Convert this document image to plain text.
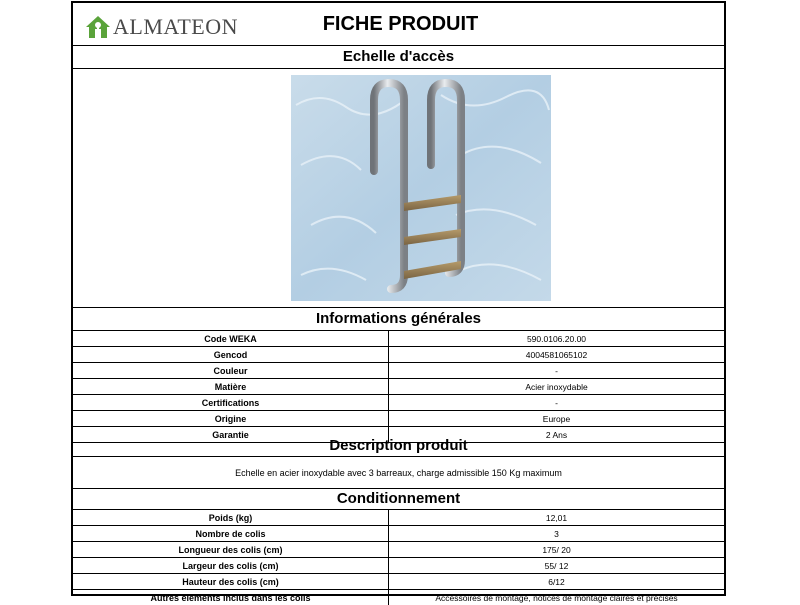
ALMATEON	FICHE PRODUIT
Echelle d'accès
Informations générales
Code WEKA	590.0106.20.00
Gencod	4004581065102
Couleur	-
Matière	Acier inoxydable
Certifications	-
Origine	Europe
Garantie	2 Ans
Description produit
Echelle en acier inoxydable avec 3 barreaux, charge admissible 150 Kg maximum
Conditionnement
Poids (kg)	12,01
Nombre de colis	3
Longueur des colis (cm)	175/ 20
Largeur des colis (cm)	55/ 12
Hauteur des colis (cm)	6/12
Autres éléments inclus dans les colis	Accessoires de montage, notices de montage claires et précises
